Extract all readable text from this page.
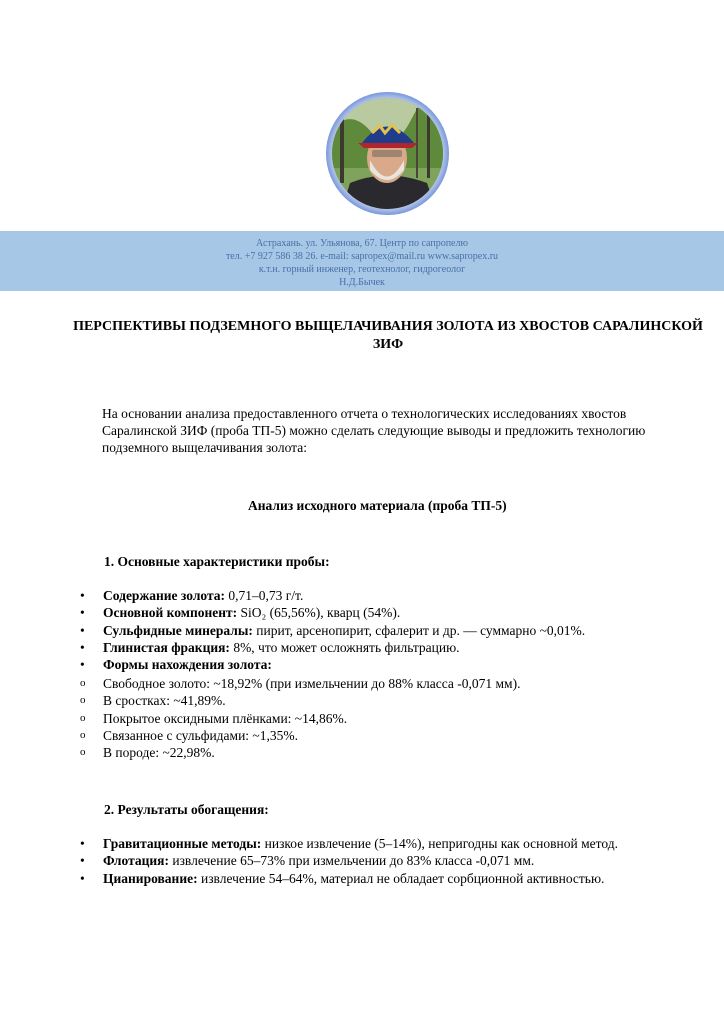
Астрахань. ул. Ульянова, 67. Центр по сапропелю
тел. +7 927 586 38 26. e-mail: sapropex@mail.ru www.sapropex.ru
к.т.н. горный инженер, геотехнолог, гидрогеолог
Н.Д.Бычек
ПЕРСПЕКТИВЫ ПОДЗЕМНОГО ВЫЩЕЛАЧИВАНИЯ ЗОЛОТА ИЗ ХВОСТОВ САРАЛИНСКОЙ ЗИФ
На основании анализа предоставленного отчета о технологических исследованиях хвостов Саралинской ЗИФ (проба ТП-5) можно сделать следующие выводы и предложить технологию подземного выщелачивания золота:
Анализ исходного материала (проба ТП-5)
1. Основные характеристики пробы:
• Содержание золота: 0,71–0,73 г/т.
• Основной компонент: SiO₂ (65,56%), кварц (54%).
• Сульфидные минералы: пирит, арсенопирит, сфалерит и др. — суммарно ~0,01%.
• Глинистая фракция: 8%, что может осложнять фильтрацию.
• Формы нахождения золота:
o Свободное золото: ~18,92% (при измельчении до 88% класса -0,071 мм).
o В сростках: ~41,89%.
o Покрытое оксидными плёнками: ~14,86%.
o Связанное с сульфидами: ~1,35%.
o В породе: ~22,98%.
2. Результаты обогащения:
• Гравитационные методы: низкое извлечение (5–14%), непригодны как основной метод.
• Флотация: извлечение 65–73% при измельчении до 83% класса -0,071 мм.
• Цианирование: извлечение 54–64%, материал не обладает сорбционной активностью.
